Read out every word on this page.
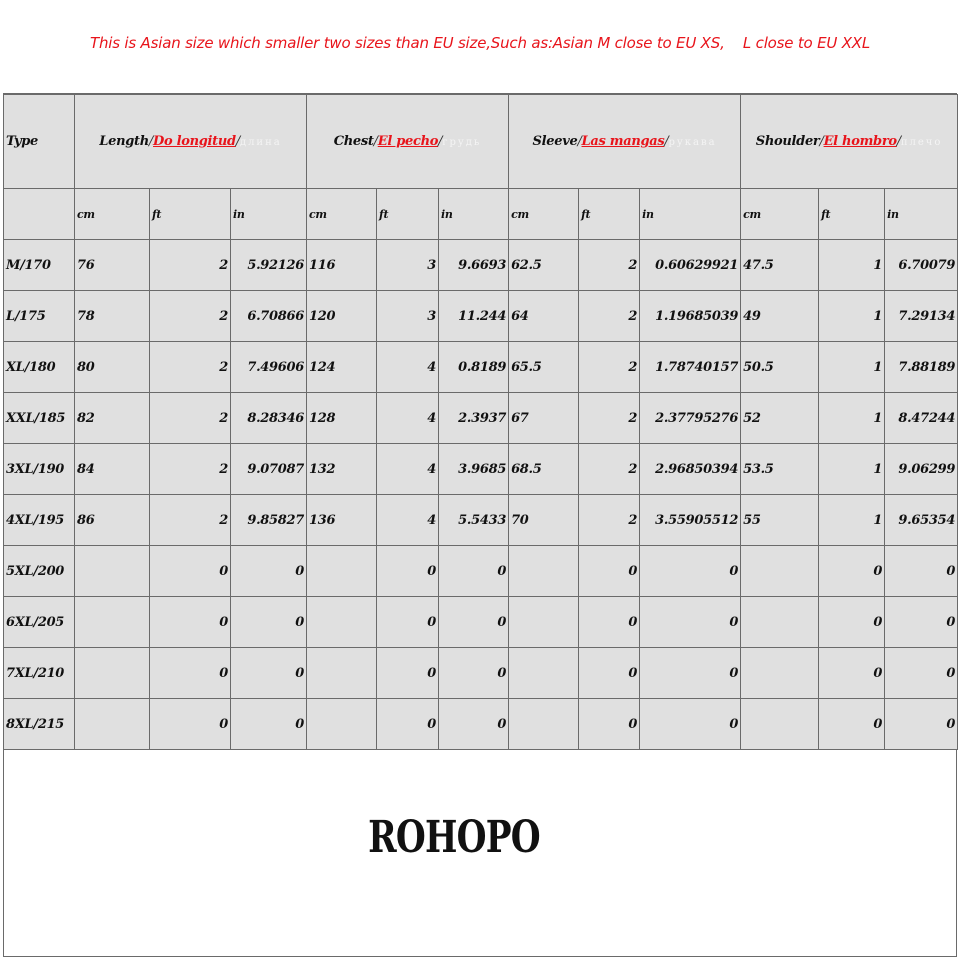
This is Asian size which smaller two sizes than EU size,Such as:Asian M close to EU XS,    L close to EU XXL
Type	Length/Do longitud/длина			Chest/El pecho/грудь			Sleeve/Las mangas/рукава			Shoulder/El hombro/плечо		
	cm	ft	in	cm	ft	in	cm	ft	in	cm	ft	in
M/170	76	2	5.92126	116	3	9.6693	62.5	2	0.60629921	47.5	1	6.70079
L/175	78	2	6.70866	120	3	11.244	64	2	1.19685039	49	1	7.29134
XL/180	80	2	7.49606	124	4	0.8189	65.5	2	1.78740157	50.5	1	7.88189
XXL/185	82	2	8.28346	128	4	2.3937	67	2	2.37795276	52	1	8.47244
3XL/190	84	2	9.07087	132	4	3.9685	68.5	2	2.96850394	53.5	1	9.06299
4XL/195	86	2	9.85827	136	4	5.5433	70	2	3.55905512	55	1	9.65354
5XL/200		0	0		0	0		0	0		0	0
6XL/205		0	0		0	0		0	0		0	0
7XL/210		0	0		0	0		0	0		0	0
8XL/215		0	0		0	0		0	0		0	0
ROHOPO
